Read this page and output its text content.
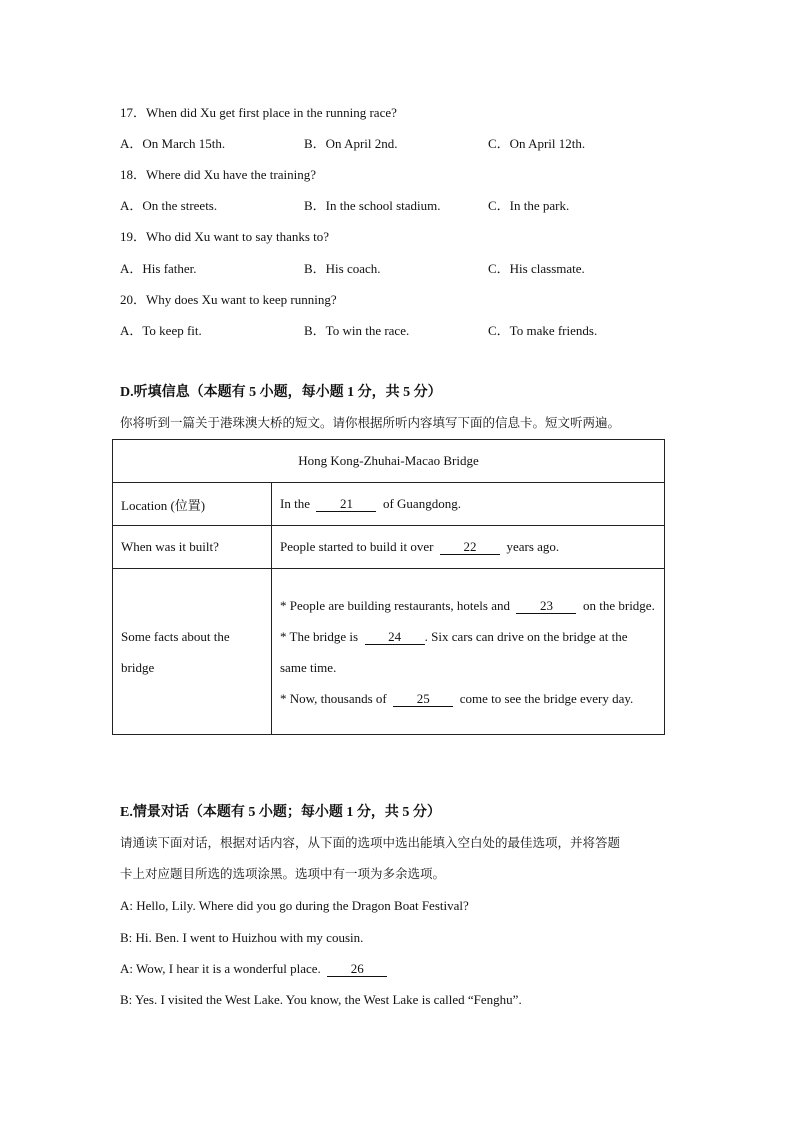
17．When did Xu get first place in the running race?
A．On March 15th.	B．On April 2nd.	C．On April 12th.
18．Where did Xu have the training?
A．On the streets.	B．In the school stadium.	C．In the park.
19．Who did Xu want to say thanks to?
A．His father.	B．His coach.	C．His classmate.
20．Why does Xu want to keep running?
A．To keep fit.	B．To win the race.	C．To make friends.
D.听填信息（本题有 5 小题，每小题 1 分，共 5 分）
你将听到一篇关于港珠澳大桥的短文。请你根据所听内容填写下面的信息卡。短文听两遍。
Hong Kong-Zhuhai-Macao Bridge	
Location (位置)	In the 21 of Guangdong.
When was it built?	People started to build it over 22 years ago.
Some facts about the bridge	* People are building restaurants, hotels and 23 on the bridge.
* The bridge is 24 . Six cars can drive on the bridge at the same time.
* Now, thousands of 25 come to see the bridge every day.
E.情景对话（本题有 5 小题；每小题 1 分，共 5 分）
请通读下面对话，根据对话内容，从下面的选项中选出能填入空白处的最佳选项，并将答题
卡上对应题目所选的选项涂黑。选项中有一项为多余选项。
A: Hello, Lily. Where did you go during the Dragon Boat Festival?
B: Hi. Ben. I went to Huizhou with my cousin.
A: Wow, I hear it is a wonderful place. 26
B: Yes. I visited the West Lake. You know, the West Lake is called “Fenghu”.
